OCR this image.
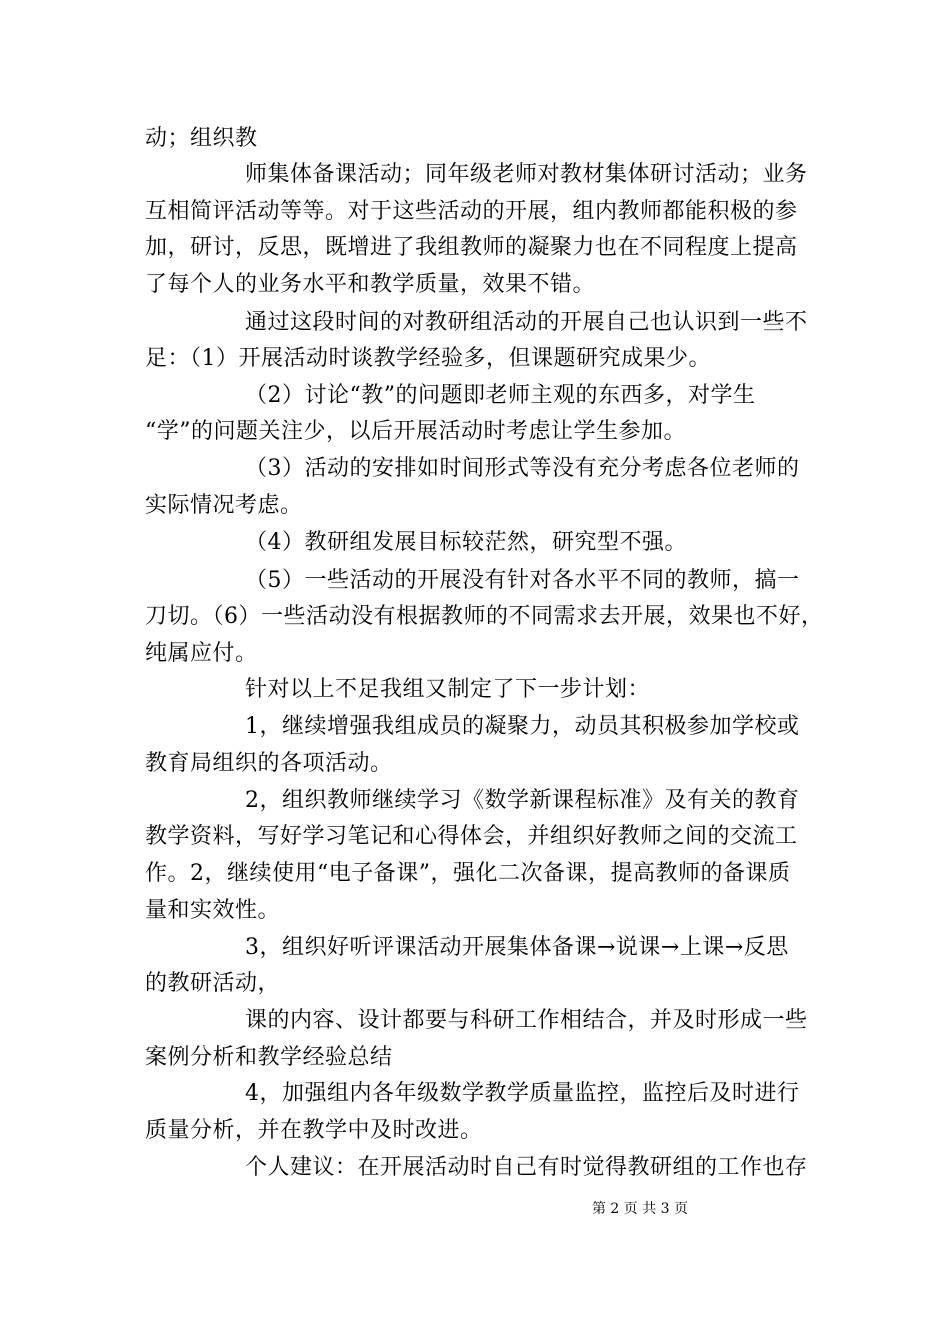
动；组织教
师集体备课活动；同年级老师对教材集体研讨活动；业务
互相简评活动等等。对于这些活动的开展，组内教师都能积极的参
加，研讨，反思，既增进了我组教师的凝聚力也在不同程度上提高
了每个人的业务水平和教学质量，效果不错。
通过这段时间的对教研组活动的开展自己也认识到一些不
足：（1）开展活动时谈教学经验多，但课题研究成果少。
（2）讨论“教”的问题即老师主观的东西多，对学生
“学”的问题关注少，以后开展活动时考虑让学生参加。
（3）活动的安排如时间形式等没有充分考虑各位老师的
实际情况考虑。
（4）教研组发展目标较茫然，研究型不强。
（5）一些活动的开展没有针对各水平不同的教师，搞一
刀切。（6）一些活动没有根据教师的不同需求去开展，效果也不好，
纯属应付。
针对以上不足我组又制定了下一步计划：
1，继续增强我组成员的凝聚力，动员其积极参加学校或
教育局组织的各项活动。
2，组织教师继续学习《数学新课程标准》及有关的教育
教学资料，写好学习笔记和心得体会，并组织好教师之间的交流工
作。2，继续使用“电子备课”，强化二次备课，提高教师的备课质
量和实效性。
3，组织好听评课活动开展集体备课→说课→上课→反思
的教研活动，
课的内容、设计都要与科研工作相结合，并及时形成一些
案例分析和教学经验总结
4，加强组内各年级数学教学质量监控，监控后及时进行
质量分析，并在教学中及时改进。
个人建议：在开展活动时自己有时觉得教研组的工作也存
第 2 页 共 3 页
